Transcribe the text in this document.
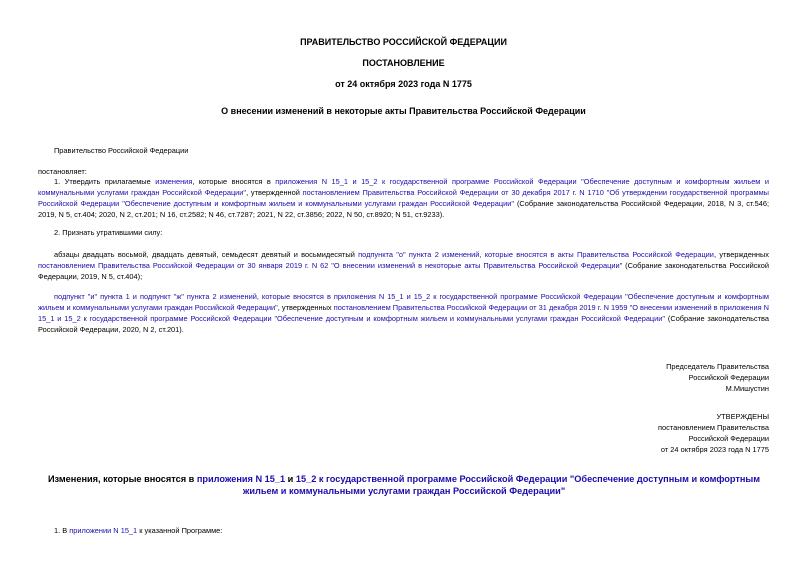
ПРАВИТЕЛЬСТВО РОССИЙСКОЙ ФЕДЕРАЦИИ
ПОСТАНОВЛЕНИЕ
от 24 октября 2023 года N 1775
О внесении изменений в некоторые акты Правительства Российской Федерации
Правительство Российской Федерации
постановляет:
1. Утвердить прилагаемые изменения, которые вносятся в приложения N 15_1 и 15_2 к государственной программе Российской Федерации "Обеспечение доступным и комфортным жильем и коммунальными услугами граждан Российской Федерации", утвержденной постановлением Правительства Российской Федерации от 30 декабря 2017 г. N 1710 "Об утверждении государственной программы Российской Федерации "Обеспечение доступным и комфортным жильем и коммунальными услугами граждан Российской Федерации" (Собрание законодательства Российской Федерации, 2018, N 3, ст.546; 2019, N 5, ст.404; 2020, N 2, ст.201; N 16, ст.2582; N 46, ст.7287; 2021, N 22, ст.3856; 2022, N 50, ст.8920; N 51, ст.9233).
2. Признать утратившими силу:
абзацы двадцать восьмой, двадцать девятый, семьдесят девятый и восьмидесятый подпункта "о" пункта 2 изменений, которые вносятся в акты Правительства Российской Федерации, утвержденных постановлением Правительства Российской Федерации от 30 января 2019 г. N 62 "О внесении изменений в некоторые акты Правительства Российской Федерации" (Собрание законодательства Российской Федерации, 2019, N 5, ст.404);
подпункт "и" пункта 1 и подпункт "ж" пункта 2 изменений, которые вносятся в приложения N 15_1 и 15_2 к государственной программе Российской Федерации "Обеспечение доступным и комфортным жильем и коммунальными услугами граждан Российской Федерации", утвержденных постановлением Правительства Российской Федерации от 31 декабря 2019 г. N 1959 "О внесении изменений в приложения N 15_1 и 15_2 к государственной программе Российской Федерации "Обеспечение доступным и комфортным жильем и коммунальными услугами граждан Российской Федерации" (Собрание законодательства Российской Федерации, 2020, N 2, ст.201).
Председатель Правительства
Российской Федерации
М.Мишустин
УТВЕРЖДЕНЫ
постановлением Правительства
Российской Федерации
от 24 октября 2023 года N 1775
Изменения, которые вносятся в приложения N 15_1 и 15_2 к государственной программе Российской Федерации "Обеспечение доступным и комфортным жильем и коммунальными услугами граждан Российской Федерации"
1. В приложении N 15_1 к указанной Программе:
